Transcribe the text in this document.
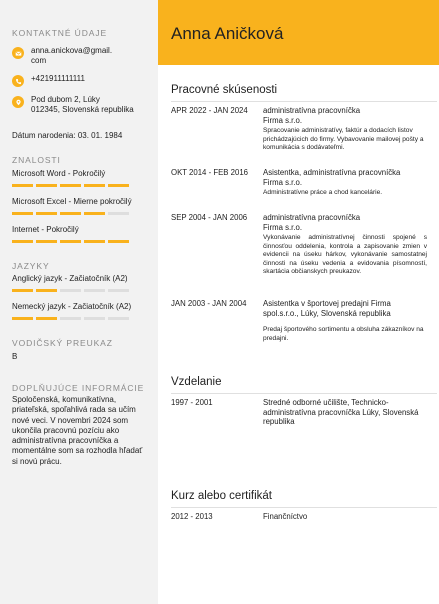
Anna Aničková
KONTAKTNÉ ÚDAJE
anna.anickova@gmail.
com
+421911111111
Pod dubom 2, Lúky
012345, Slovenská republika
Dátum narodenia: 03. 01. 1984
ZNALOSTI
Microsoft Word - Pokročilý
Microsoft Excel - Mierne pokročilý
Internet - Pokročilý
JAZYKY
Anglický jazyk - Začiatočník (A2)
Nemecký jazyk - Začiatočník (A2)
VODIČSKÝ PREUKAZ
B
DOPLŇUJÚCE INFORMÁCIE
Spoločenská, komunikatívna, priateľská, spoľahlivá rada sa učím nové veci. V novembri 2024 som ukončila pracovnú pozíciu ako administratívna pracovníčka a momentálne som sa rozhodla hľadať si novú prácu.
Pracovné skúsenosti
APR 2022 - JAN 2024	administratívna pracovníčka
Firma s.r.o.
Spracovanie administratívy, faktúr a dodacích listov prichádzajúcich do firmy. Vybavovanie mailovej pošty a komunikácia s dodávateľmi.
OKT 2014 - FEB 2016	Asistentka, administratívna pracovníčka
Firma s.r.o.
Administratívne práce a chod kancelárie.
SEP 2004 - JAN 2006	administratívna pracovníčka
Firma s.r.o.
Vykonávanie administratívnej činnosti spojené s činnosťou oddelenia, kontrola a zapisovanie zmien v evidencii na úseku hárkov, vykonávanie samostatnej činnosti na úseku vedenia a evidovania písomností, skartácia občianskych preukazov.
JAN 2003 - JAN 2004	Asistentka v športovej predajni Firma
spol.s.r.o., Lúky, Slovenská republika
Predaj športového sortimentu a obsluha zákazníkov na predajni.
Vzdelanie
1997 - 2001	Stredné odborné učilište, Techniсko-administratívna pracovníčka Lúky, Slovenská republika
Kurz alebo certifikát
2012 - 2013	Finančníctvo
